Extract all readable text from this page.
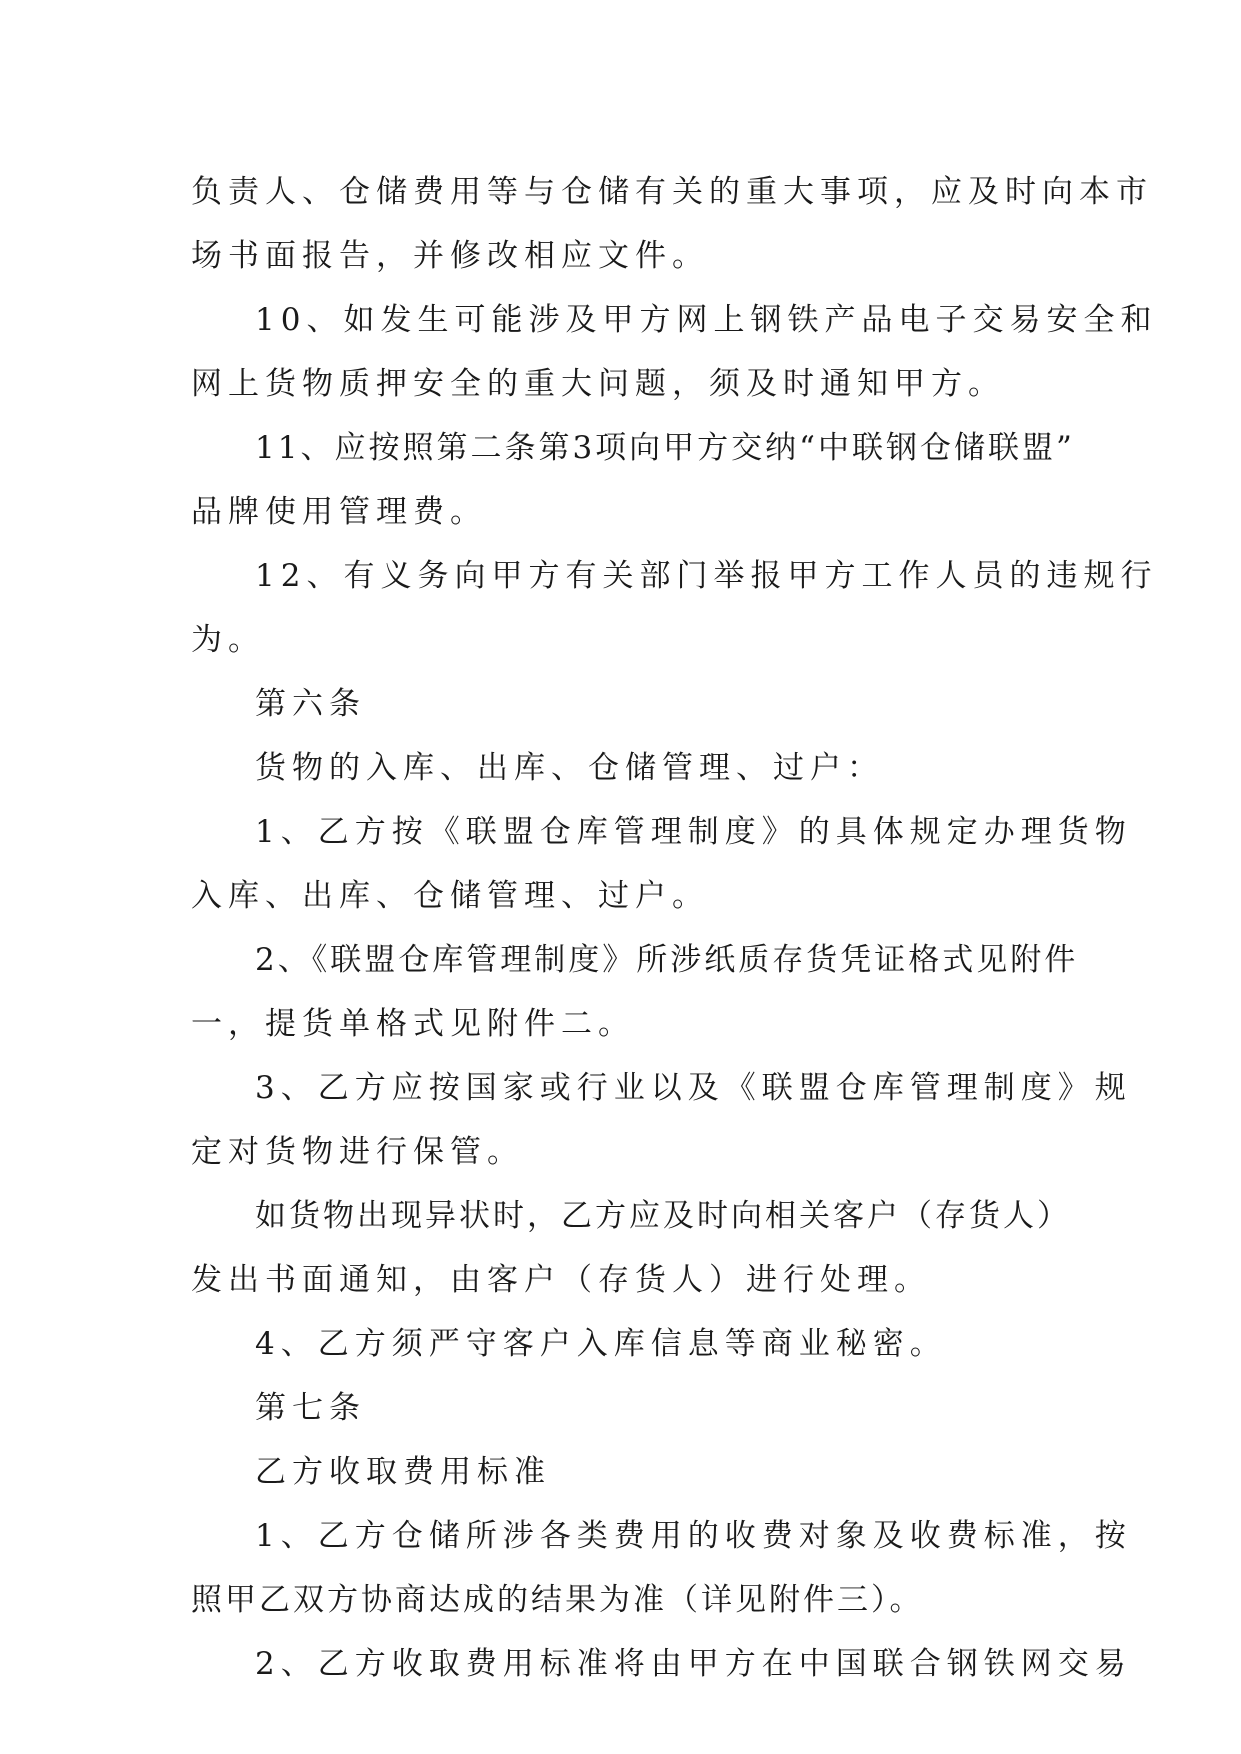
负责人、仓储费用等与仓储有关的重大事项，应及时向本市
场书面报告，并修改相应文件。
10、如发生可能涉及甲方网上钢铁产品电子交易安全和
网上货物质押安全的重大问题，须及时通知甲方。
11、应按照第二条第3项向甲方交纳“中联钢仓储联盟”
品牌使用管理费。
12、有义务向甲方有关部门举报甲方工作人员的违规行
为。
第六条
货物的入库、出库、仓储管理、过户：
1、乙方按《联盟仓库管理制度》的具体规定办理货物
入库、出库、仓储管理、过户。
2、《联盟仓库管理制度》所涉纸质存货凭证格式见附件
一，提货单格式见附件二。
3、乙方应按国家或行业以及《联盟仓库管理制度》规
定对货物进行保管。
如货物出现异状时，乙方应及时向相关客户（存货人）
发出书面通知，由客户（存货人）进行处理。
4、乙方须严守客户入库信息等商业秘密。
第七条
乙方收取费用标准
1、乙方仓储所涉各类费用的收费对象及收费标准，按
照甲乙双方协商达成的结果为准（详见附件三）。
2、乙方收取费用标准将由甲方在中国联合钢铁网交易
